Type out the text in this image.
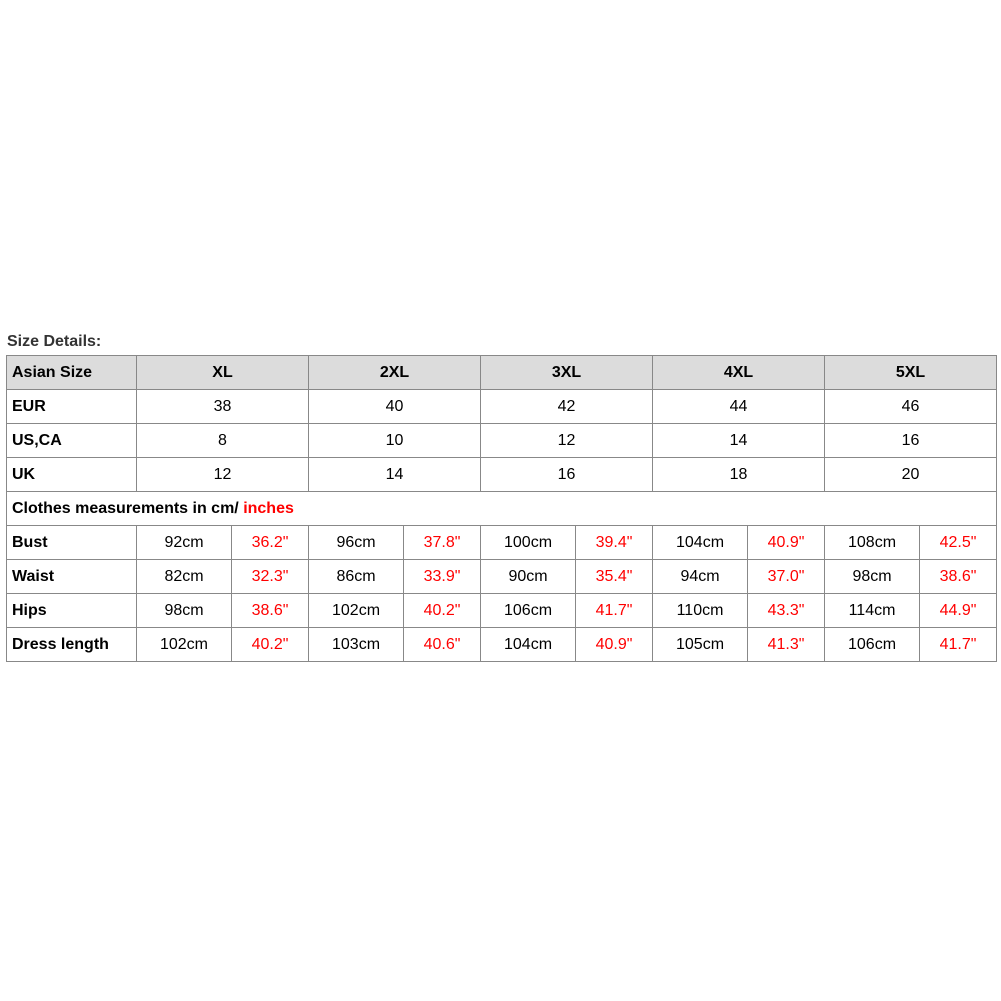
Size Details:
Asian Size	XL		2XL		3XL		4XL		5XL	
EUR	38		40		42		44		46	
US,CA	8		10		12		14		16	
UK	12		14		16		18		20	
Clothes measurements in cm/ inches										
Bust	92cm	36.2"	96cm	37.8"	100cm	39.4"	104cm	40.9"	108cm	42.5"
Waist	82cm	32.3"	86cm	33.9"	90cm	35.4"	94cm	37.0"	98cm	38.6"
Hips	98cm	38.6"	102cm	40.2"	106cm	41.7"	110cm	43.3"	114cm	44.9"
Dress length	102cm	40.2"	103cm	40.6"	104cm	40.9"	105cm	41.3"	106cm	41.7"
